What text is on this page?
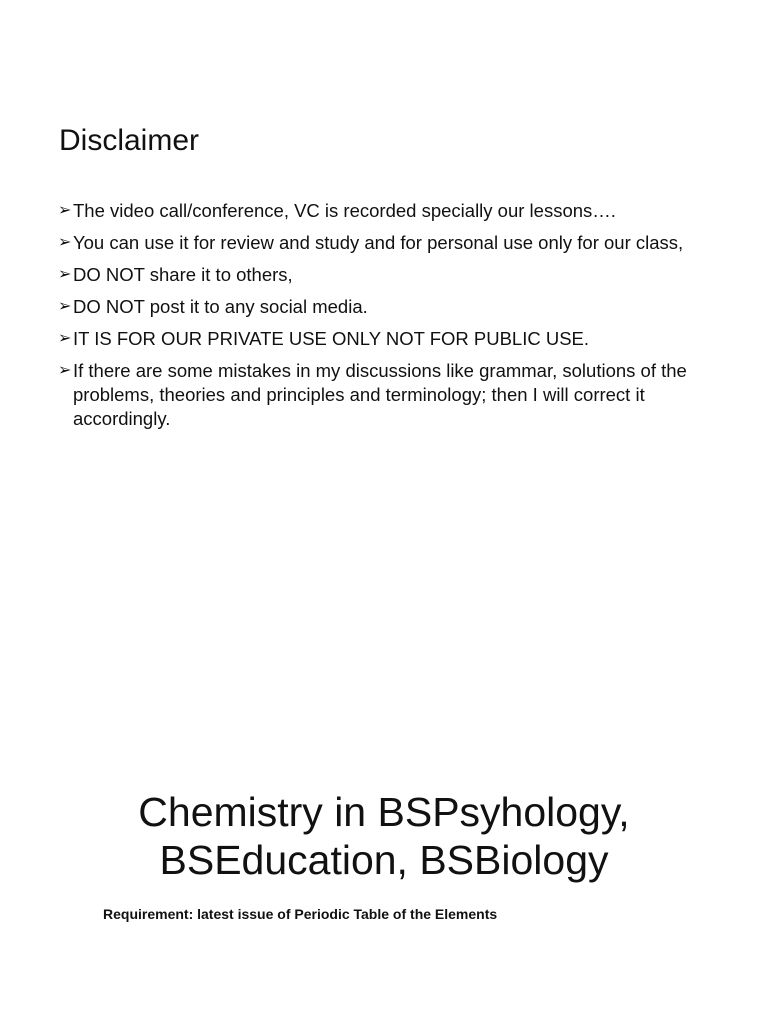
Disclaimer
➢ The video call/conference, VC is recorded specially our lessons….
➢ You can use it for review and study and for personal use only for our class,
➢ DO NOT share it to others,
➢ DO NOT post it to any social media.
➢ IT IS FOR OUR PRIVATE USE ONLY NOT FOR PUBLIC USE.
➢ If there are some mistakes in my discussions like grammar, solutions of the problems, theories and principles and terminology; then I will correct it accordingly.
Chemistry in BSPsyhology,
BSEducation, BSBiology

Requirement: latest issue of Periodic Table of the Elements
